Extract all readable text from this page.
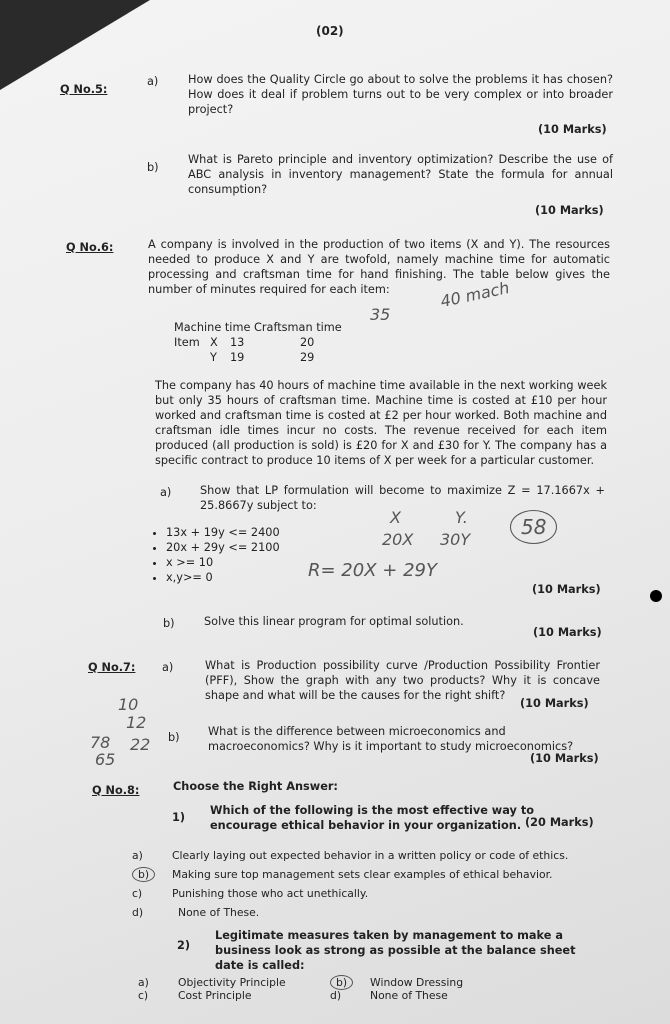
(02)
Q No.5:
a)	How does the Quality Circle go about to solve the problems it has chosen? How does it deal if problem turns out to be very complex or into broader project?
(10 Marks)
b)
What is Pareto principle and inventory optimization? Describe the use of ABC analysis in inventory management? State the formula for annual consumption?
(10 Marks)
Q No.6:	A company is involved in the production of two items (X and Y). The resources needed to produce X and Y are twofold, namely machine time for automatic processing and craftsman time for hand finishing. The table below gives the number of minutes required for each item:
Machine time Craftsman time
Item X 13	20
Y 19	29
The company has 40 hours of machine time available in the next working week but only 35 hours of craftsman time. Machine time is costed at £10 per hour worked and craftsman time is costed at £2 per hour worked. Both machine and craftsman idle times incur no costs. The revenue received for each item produced (all production is sold) is £20 for X and £30 for Y. The company has a specific contract to produce 10 items of X per week for a particular customer.
a)	Show that LP formulation will become to maximize Z = 17.1667x + 25.8667y subject to:
• 13x + 19y <= 2400
• 20x + 29y <= 2100
• x >= 10
• x,y>= 0
(10 Marks)
b)	Solve this linear program for optimal solution.
(10 Marks)
Q No.7: a)	What is Production possibility curve /Production Possibility Frontier (PFF), Show the graph with any two products? Why it is concave shape and what will be the causes for the right shift?
(10 Marks)
b)	What is the difference between microeconomics and macroeconomics? Why is it important to study microeconomics?
(10 Marks)
Q No.8:	Choose the Right Answer:
1)
Which of the following is the most effective way to encourage ethical behavior in your organization. (20 Marks)
a)	Clearly laying out expected behavior in a written policy or code of ethics.
b) Making sure top management sets clear examples of ethical behavior.
c)	Punishing those who act unethically.
d)	None of These.
2)
Legitimate measures taken by management to make a business look as strong as possible at the balance sheet date is called:
a)	Objectivity Principle	b) Window Dressing
c)	Cost Principle	d)	None of These
40 mach
35
X	Y.
20X 30Y
58
R= 20X + 29Y
10
12
78 22
65
